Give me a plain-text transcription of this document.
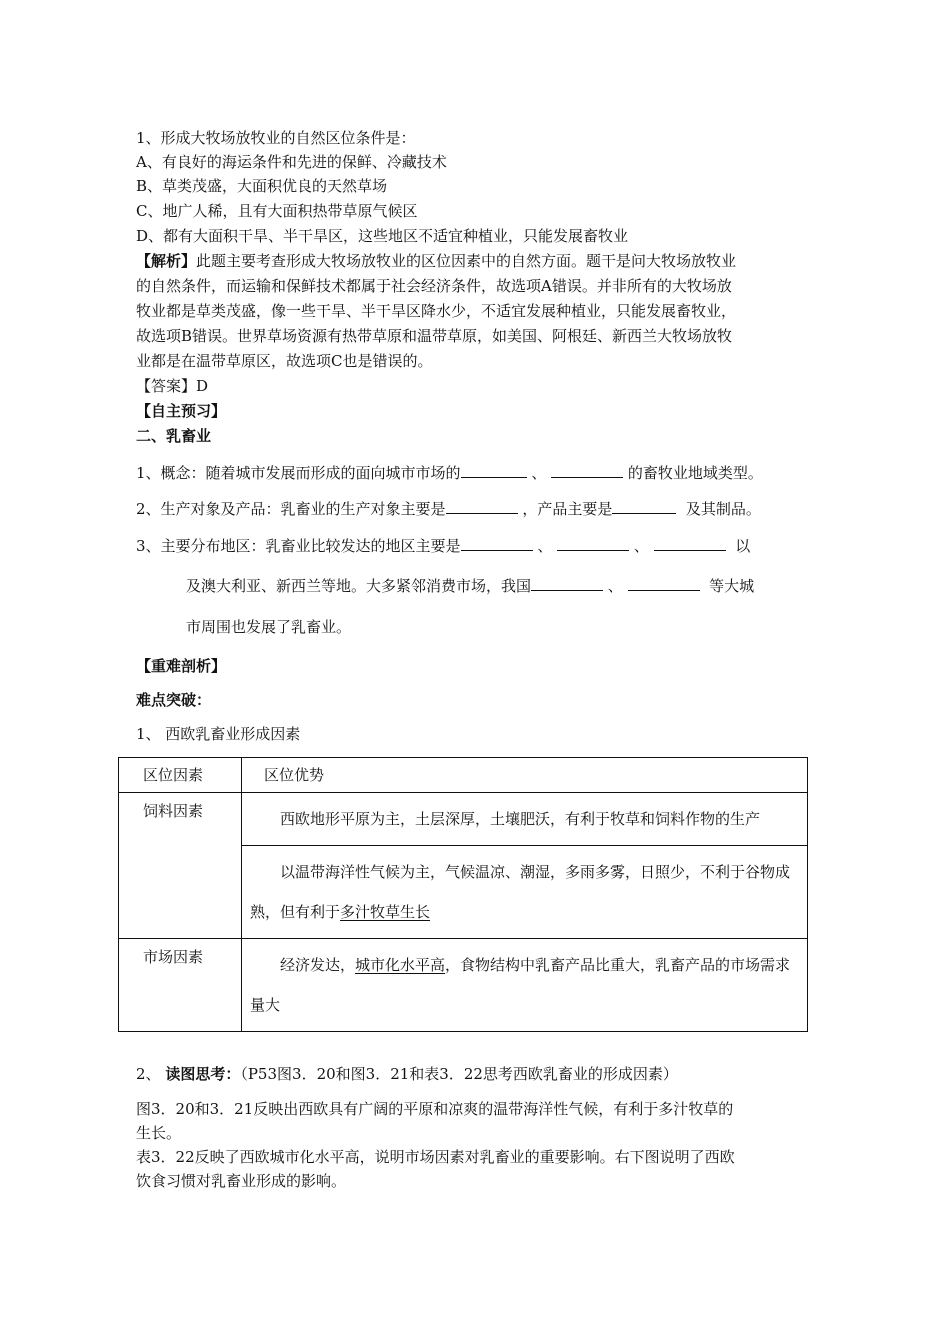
1、形成大牧场放牧业的自然区位条件是：
A、有良好的海运条件和先进的保鲜、冷藏技术
B、草类茂盛，大面积优良的天然草场
C、地广人稀，且有大面积热带草原气候区
D、都有大面积干旱、半干旱区，这些地区不适宜种植业，只能发展畜牧业
【解析】此题主要考查形成大牧场放牧业的区位因素中的自然方面。题干是问大牧场放牧业
的自然条件，而运输和保鲜技术都属于社会经济条件，故选项A错误。并非所有的大牧场放
牧业都是草类茂盛，像一些干旱、半干旱区降水少，不适宜发展种植业，只能发展畜牧业，
故选项B错误。世界草场资源有热带草原和温带草原，如美国、阿根廷、新西兰大牧场放牧
业都是在温带草原区，故选项C也是错误的。
【答案】D
【自主预习】
二、乳畜业
1、概念：随着城市发展而形成的面向城市市场的	、	的畜牧业地域类型。
2、生产对象及产品：乳畜业的生产对象主要是	，产品主要是	及其制品。
3、主要分布地区：乳畜业比较发达的地区主要是	、	、	以
及澳大利亚、新西兰等地。大多紧邻消费市场，我国	、	等大城
市周围也发展了乳畜业。
【重难剖析】
难点突破：
1、 西欧乳畜业形成因素
区位因素	区位优势

饲料因素	西欧地形平原为主，土层深厚，土壤肥沃，有利于牧草和饲料作物的生产

	以温带海洋性气候为主，气候温凉、潮湿，多雨多雾，日照少，不利于谷物成熟，但有利于多汁牧草生长

市场因素	经济发达，城市化水平高，食物结构中乳畜产品比重大，乳畜产品的市场需求量大
2、 读图思考：（P53图3．20和图3．21和表3．22思考西欧乳畜业的形成因素）
图3．20和3．21反映出西欧具有广阔的平原和凉爽的温带海洋性气候，有利于多汁牧草的
生长。
表3．22反映了西欧城市化水平高，说明市场因素对乳畜业的重要影响。右下图说明了西欧
饮食习惯对乳畜业形成的影响。
